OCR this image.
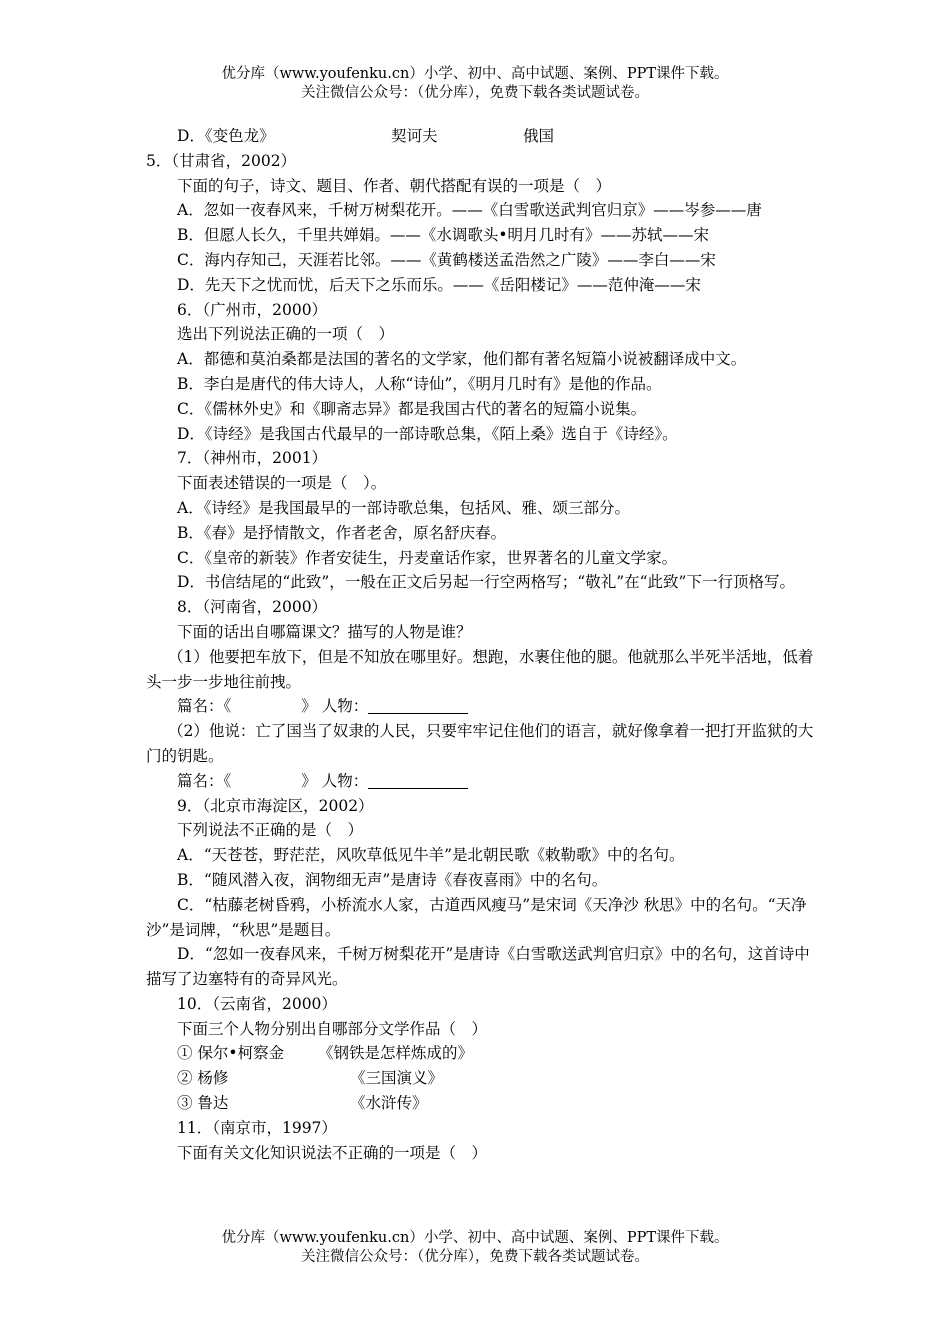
优分库（www.youfenku.cn）小学、初中、高中试题、案例、PPT课件下载。
关注微信公众号：（优分库），免费下载各类试题试卷。
D．《变色龙》	契诃夫	俄国
5．（甘肃省，2002）
下面的句子，诗文、题目、作者、朝代搭配有误的一项是（　）
A．忽如一夜春风来，千树万树梨花开。——《白雪歌送武判官归京》——岑参——唐
B．但愿人长久，千里共婵娟。——《水调歌头•明月几时有》——苏轼——宋
C．海内存知己，天涯若比邻。——《黄鹤楼送孟浩然之广陵》——李白——宋
D．先天下之忧而忧，后天下之乐而乐。——《岳阳楼记》——范仲淹——宋
6．（广州市，2000）
选出下列说法正确的一项（　）
A．都德和莫泊桑都是法国的著名的文学家，他们都有著名短篇小说被翻译成中文。
B．李白是唐代的伟大诗人，人称“诗仙”，《明月几时有》是他的作品。
C．《儒林外史》和《聊斋志异》都是我国古代的著名的短篇小说集。
D．《诗经》是我国古代最早的一部诗歌总集，《陌上桑》选自于《诗经》。
7．（神州市，2001）
下面表述错误的一项是（　）。
A．《诗经》是我国最早的一部诗歌总集，包括风、雅、颂三部分。
B．《春》是抒情散文，作者老舍，原名舒庆春。
C．《皇帝的新装》作者安徒生，丹麦童话作家，世界著名的儿童文学家。
D．书信结尾的“此致”，一般在正文后另起一行空两格写；“敬礼”在“此致”下一行顶格写。
8．（河南省，2000）
下面的话出自哪篇课文？描写的人物是谁？
（1）他要把车放下，但是不知放在哪里好。想跑，水裹住他的腿。他就那么半死半活地，低着头一步一步地往前拽。
篇名：《	》 人物：
（2）他说：亡了国当了奴隶的人民，只要牢牢记住他们的语言，就好像拿着一把打开监狱的大门的钥匙。
篇名：《	》 人物：
9．（北京市海淀区，2002）
下列说法不正确的是（　）
A．“天苍苍，野茫茫，风吹草低见牛羊”是北朝民歌《敕勒歌》中的名句。
B．“随风潜入夜，润物细无声”是唐诗《春夜喜雨》中的名句。
C．“枯藤老树昏鸦，小桥流水人家，古道西风瘦马”是宋词《天净沙 秋思》中的名句。“天净沙”是词牌，“秋思”是题目。
D．“忽如一夜春风来，千树万树梨花开”是唐诗《白雪歌送武判官归京》中的名句，这首诗中描写了边塞特有的奇异风光。
10．（云南省，2000）
下面三个人物分别出自哪部分文学作品（　）
① 保尔•柯察金 《钢铁是怎样炼成的》
② 杨修	《三国演义》
③ 鲁达	《水浒传》
11．（南京市，1997）
下面有关文化知识说法不正确的一项是（　）
优分库（www.youfenku.cn）小学、初中、高中试题、案例、PPT课件下载。
关注微信公众号：（优分库），免费下载各类试题试卷。
